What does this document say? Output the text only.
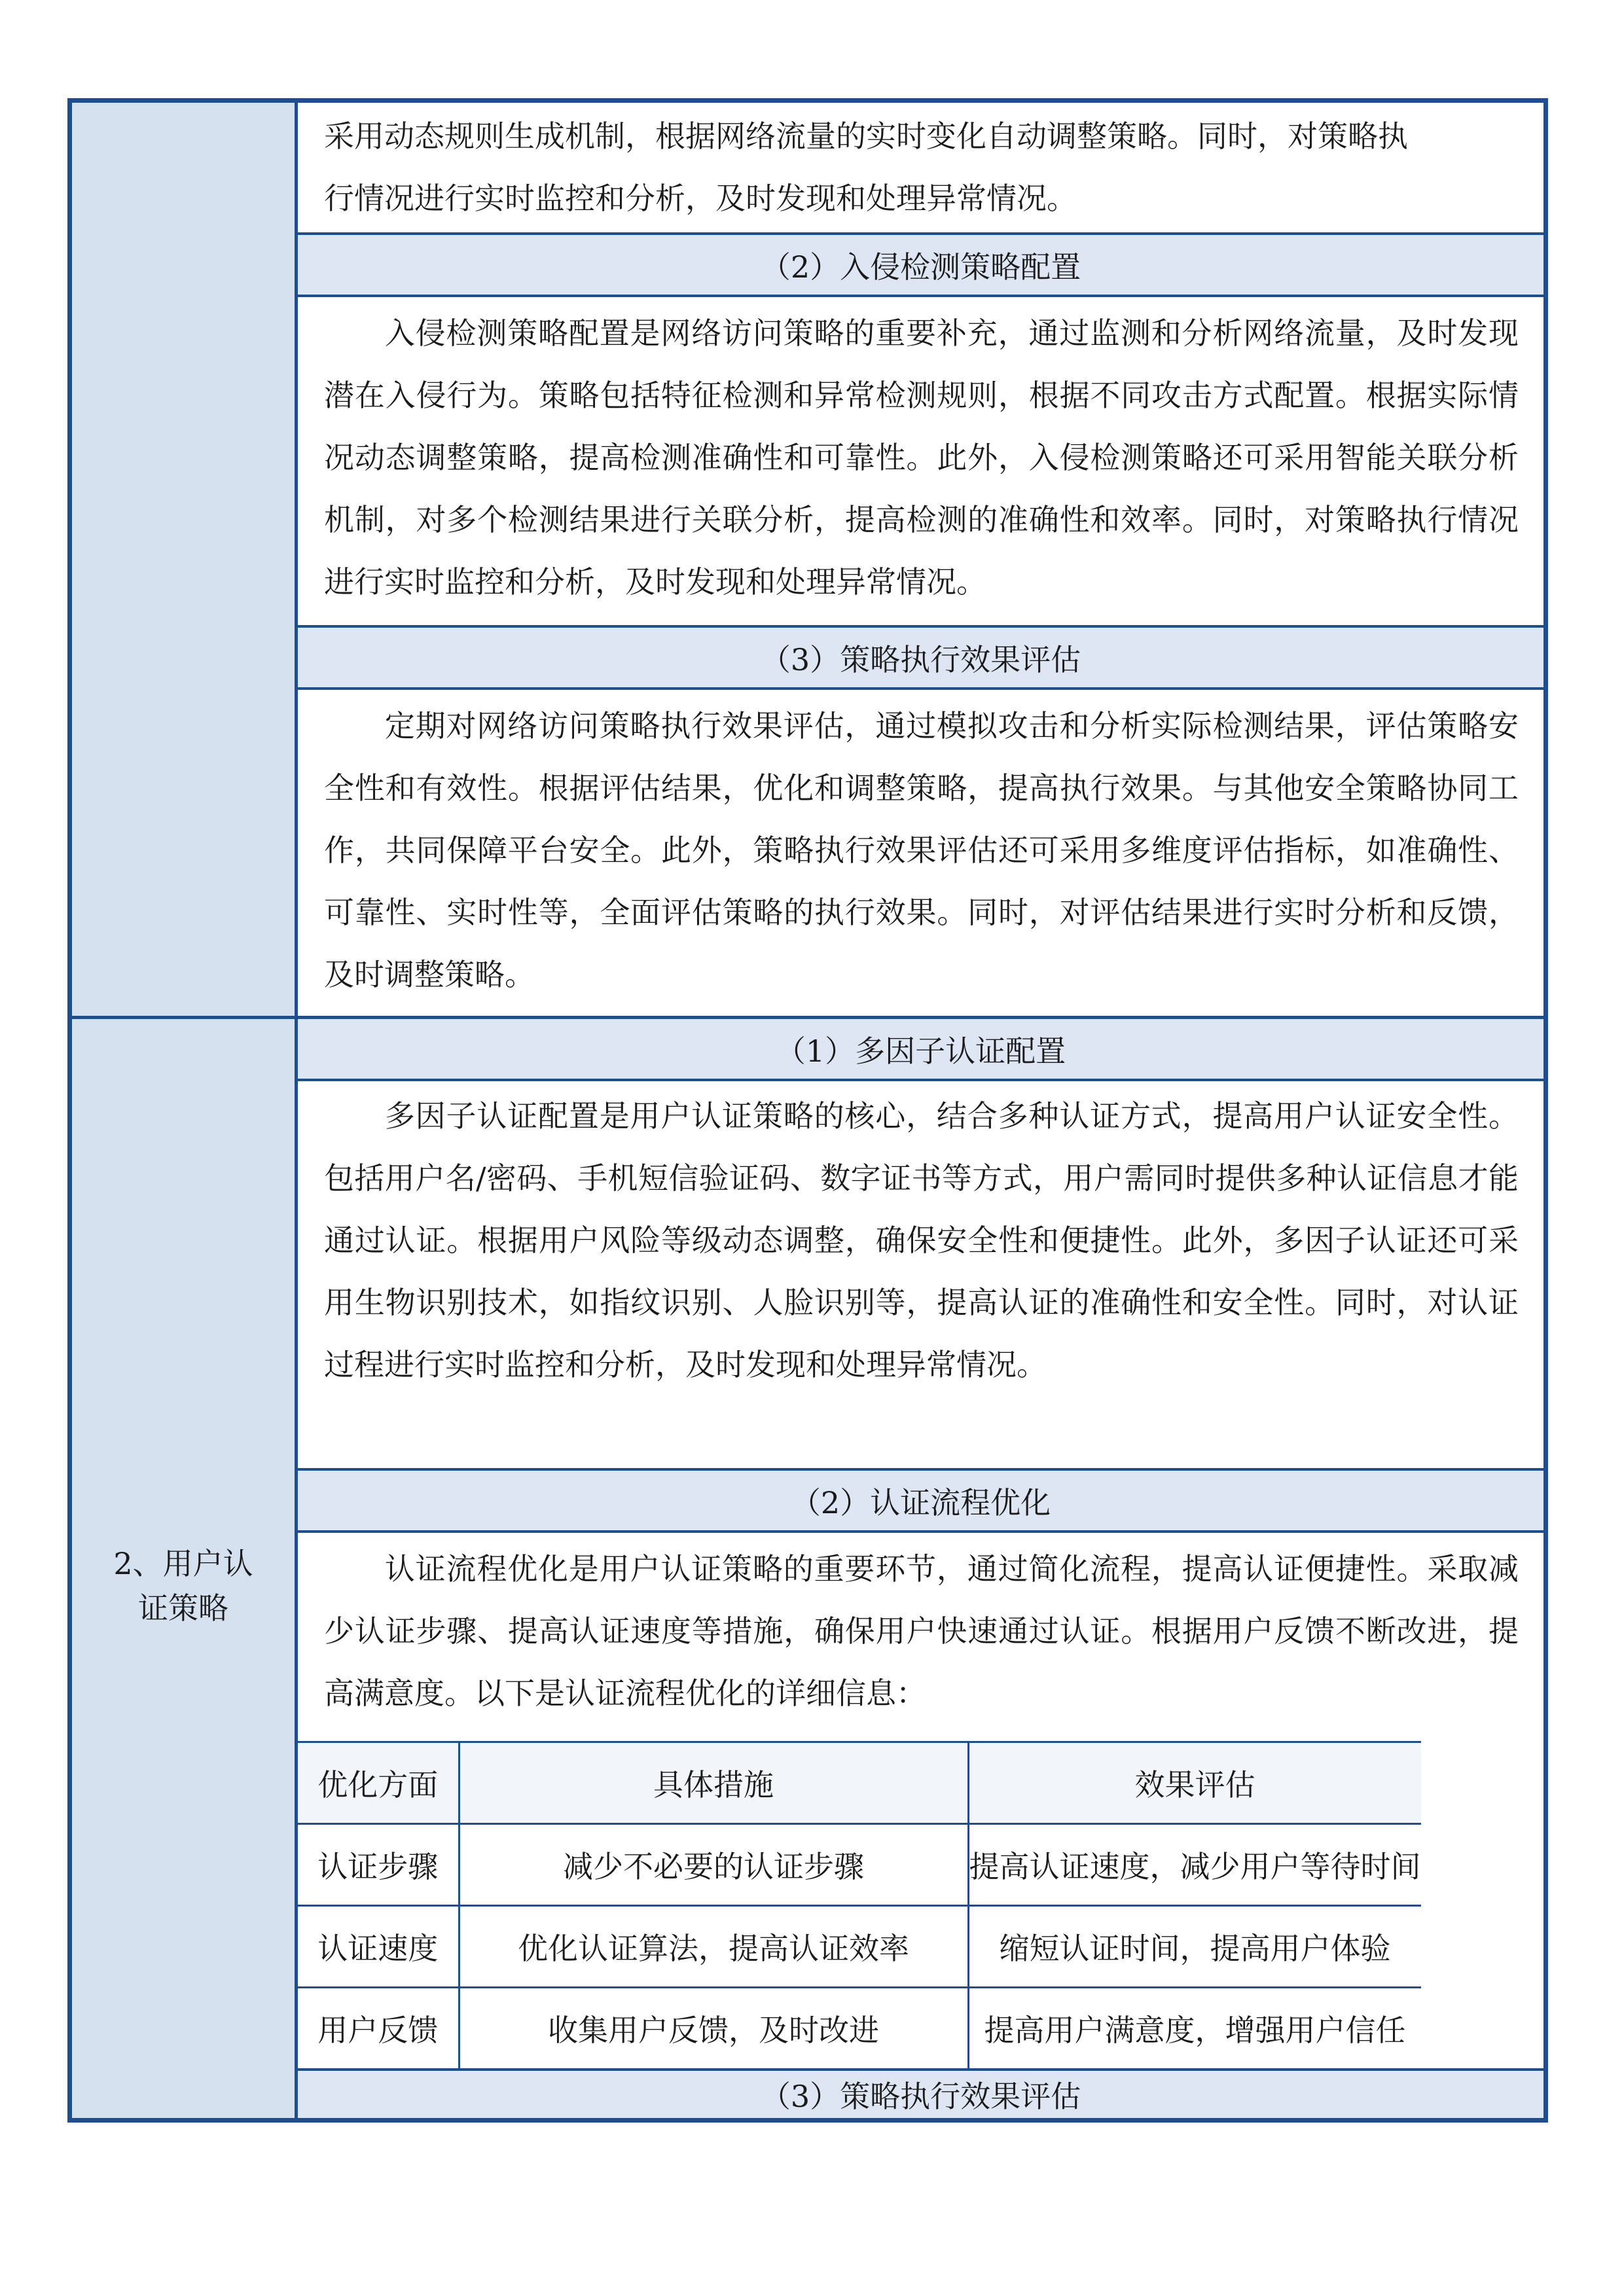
采用动态规则生成机制，根据网络流量的实时变化自动调整策略。同时，对策略执
行情况进行实时监控和分析，及时发现和处理异常情况。
（2）入侵检测策略配置
入侵检测策略配置是网络访问策略的重要补充，通过监测和分析网络流量，及时发现潜在入侵行为。策略包括特征检测和异常检测规则，根据不同攻击方式配置。根据实际情况动态调整策略，提高检测准确性和可靠性。此外，入侵检测策略还可采用智能关联分析机制，对多个检测结果进行关联分析，提高检测的准确性和效率。同时，对策略执行情况进行实时监控和分析，及时发现和处理异常情况。
（3）策略执行效果评估
定期对网络访问策略执行效果评估，通过模拟攻击和分析实际检测结果，评估策略安全性和有效性。根据评估结果，优化和调整策略，提高执行效果。与其他安全策略协同工作，共同保障平台安全。此外，策略执行效果评估还可采用多维度评估指标，如准确性、可靠性、实时性等，全面评估策略的执行效果。同时，对评估结果进行实时分析和反馈，及时调整策略。
2、用户认
证策略
（1）多因子认证配置
多因子认证配置是用户认证策略的核心，结合多种认证方式，提高用户认证安全性。包括用户名/密码、手机短信验证码、数字证书等方式，用户需同时提供多种认证信息才能通过认证。根据用户风险等级动态调整，确保安全性和便捷性。此外，多因子认证还可采用生物识别技术，如指纹识别、人脸识别等，提高认证的准确性和安全性。同时，对认证过程进行实时监控和分析，及时发现和处理异常情况。
（2）认证流程优化
认证流程优化是用户认证策略的重要环节，通过简化流程，提高认证便捷性。采取减少认证步骤、提高认证速度等措施，确保用户快速通过认证。根据用户反馈不断改进，提高满意度。以下是认证流程优化的详细信息：
优化方面	具体措施	效果评估
认证步骤	减少不必要的认证步骤	提高认证速度，减少用户等待时间
认证速度	优化认证算法，提高认证效率	缩短认证时间，提高用户体验
用户反馈	收集用户反馈，及时改进	提高用户满意度，增强用户信任
（3）策略执行效果评估
